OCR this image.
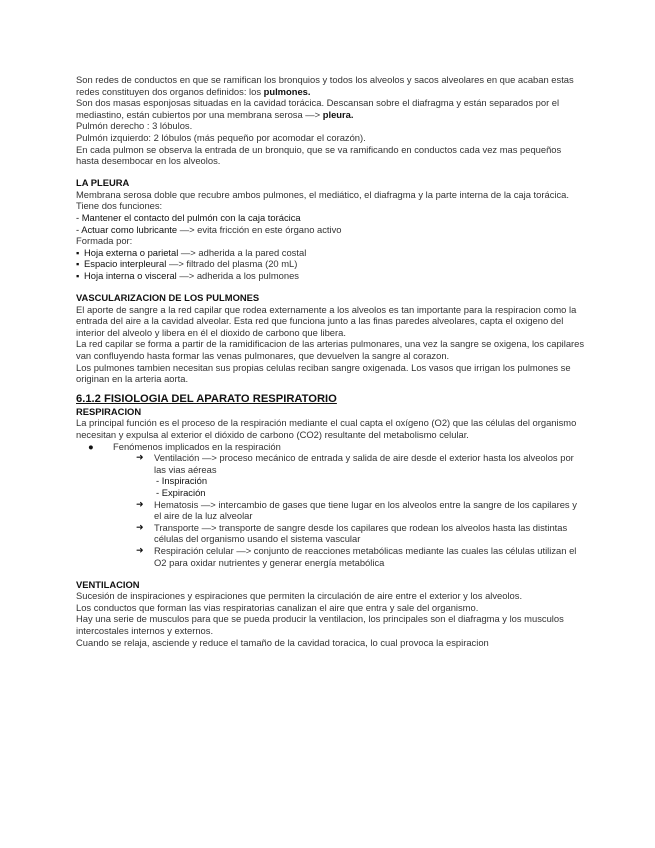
Son redes de conductos en que se ramifican los bronquios y todos los alveolos y sacos alveolares en que acaban estas redes constituyen dos organos definidos: los pulmones.

Son dos masas esponjosas situadas en la cavidad torácica. Descansan sobre el diafragma y están separados por el mediastino, están cubiertos por una membrana serosa —> pleura.

Pulmón derecho : 3 lóbulos.

Pulmón izquierdo: 2 lóbulos (más pequeño por acomodar el corazón).

En cada pulmon se observa la entrada de un bronquio, que se va ramificando en conductos cada vez mas pequeños hasta desembocar en los alveolos.

LA PLEURA

Membrana serosa doble que recubre ambos pulmones, el mediático, el diafragma y la parte interna de la caja torácica.

Tiene dos funciones:

- Mantener el contacto del pulmón con la caja torácica

- Actuar como lubricante —> evita fricción en este órgano activo

Formada por:

▪ Hoja externa o parietal —> adherida a la pared costal

▪ Espacio interpleural —> filtrado del plasma (20 mL)

▪ Hoja interna o visceral —> adherida a los pulmones

VASCULARIZACION DE LOS PULMONES

El aporte de sangre a la red capilar que rodea externamente a los alveolos es tan importante para la respiracion como la entrada del aire a la cavidad alveolar. Esta red que funciona junto a las finas paredes alveolares, capta el oxigeno del interior del alveolo y libera en él el dioxido de carbono que libera.

La red capilar se forma a partir de la ramidificacion de las arterias pulmonares, una vez la sangre se oxigena, los capilares van confluyendo hasta formar las venas pulmonares, que devuelven la sangre al corazon.

Los pulmones tambien necesitan sus propias celulas reciban sangre oxigenada. Los vasos que irrigan los pulmones se originan en la arteria aorta.

6.1.2 FISIOLOGIA DEL APARATO RESPIRATORIO

RESPIRACION

La principal función es el proceso de la respiración mediante el cual capta el oxígeno (O2) que las células del organismo necesitan y expulsa al exterior el dióxido de carbono (CO2) resultante del metabolismo celular.

● Fenómenos implicados en la respiración

➜ Ventilación —> proceso mecánico de entrada y salida de aire desde el exterior hasta los alveolos por las vias aéreas

- Inspiración

- Expiración

➜ Hematosis —> intercambio de gases que tiene lugar en los alveolos entre la sangre de los capilares y el aire de la luz alveolar

➜ Transporte —> transporte de sangre desde los capilares que rodean los alveolos hasta las distintas células del organismo usando el sistema vascular

➜ Respiración celular —> conjunto de reacciones metabólicas mediante las cuales las células utilizan el O2 para oxidar nutrientes y generar energía metabólica

VENTILACION

Sucesión de inspiraciones y espiraciones que permiten la circulación de aire entre el exterior y los alveolos.

Los conductos que forman las vias respiratorias canalizan el aire que entra y sale del organismo.

Hay una serie de musculos para que se pueda producir la ventilacion, los principales son el diafragma y los musculos intercostales internos y externos.

Cuando se relaja, asciende y reduce el tamaño de la cavidad toracica, lo cual provoca la espiracion
